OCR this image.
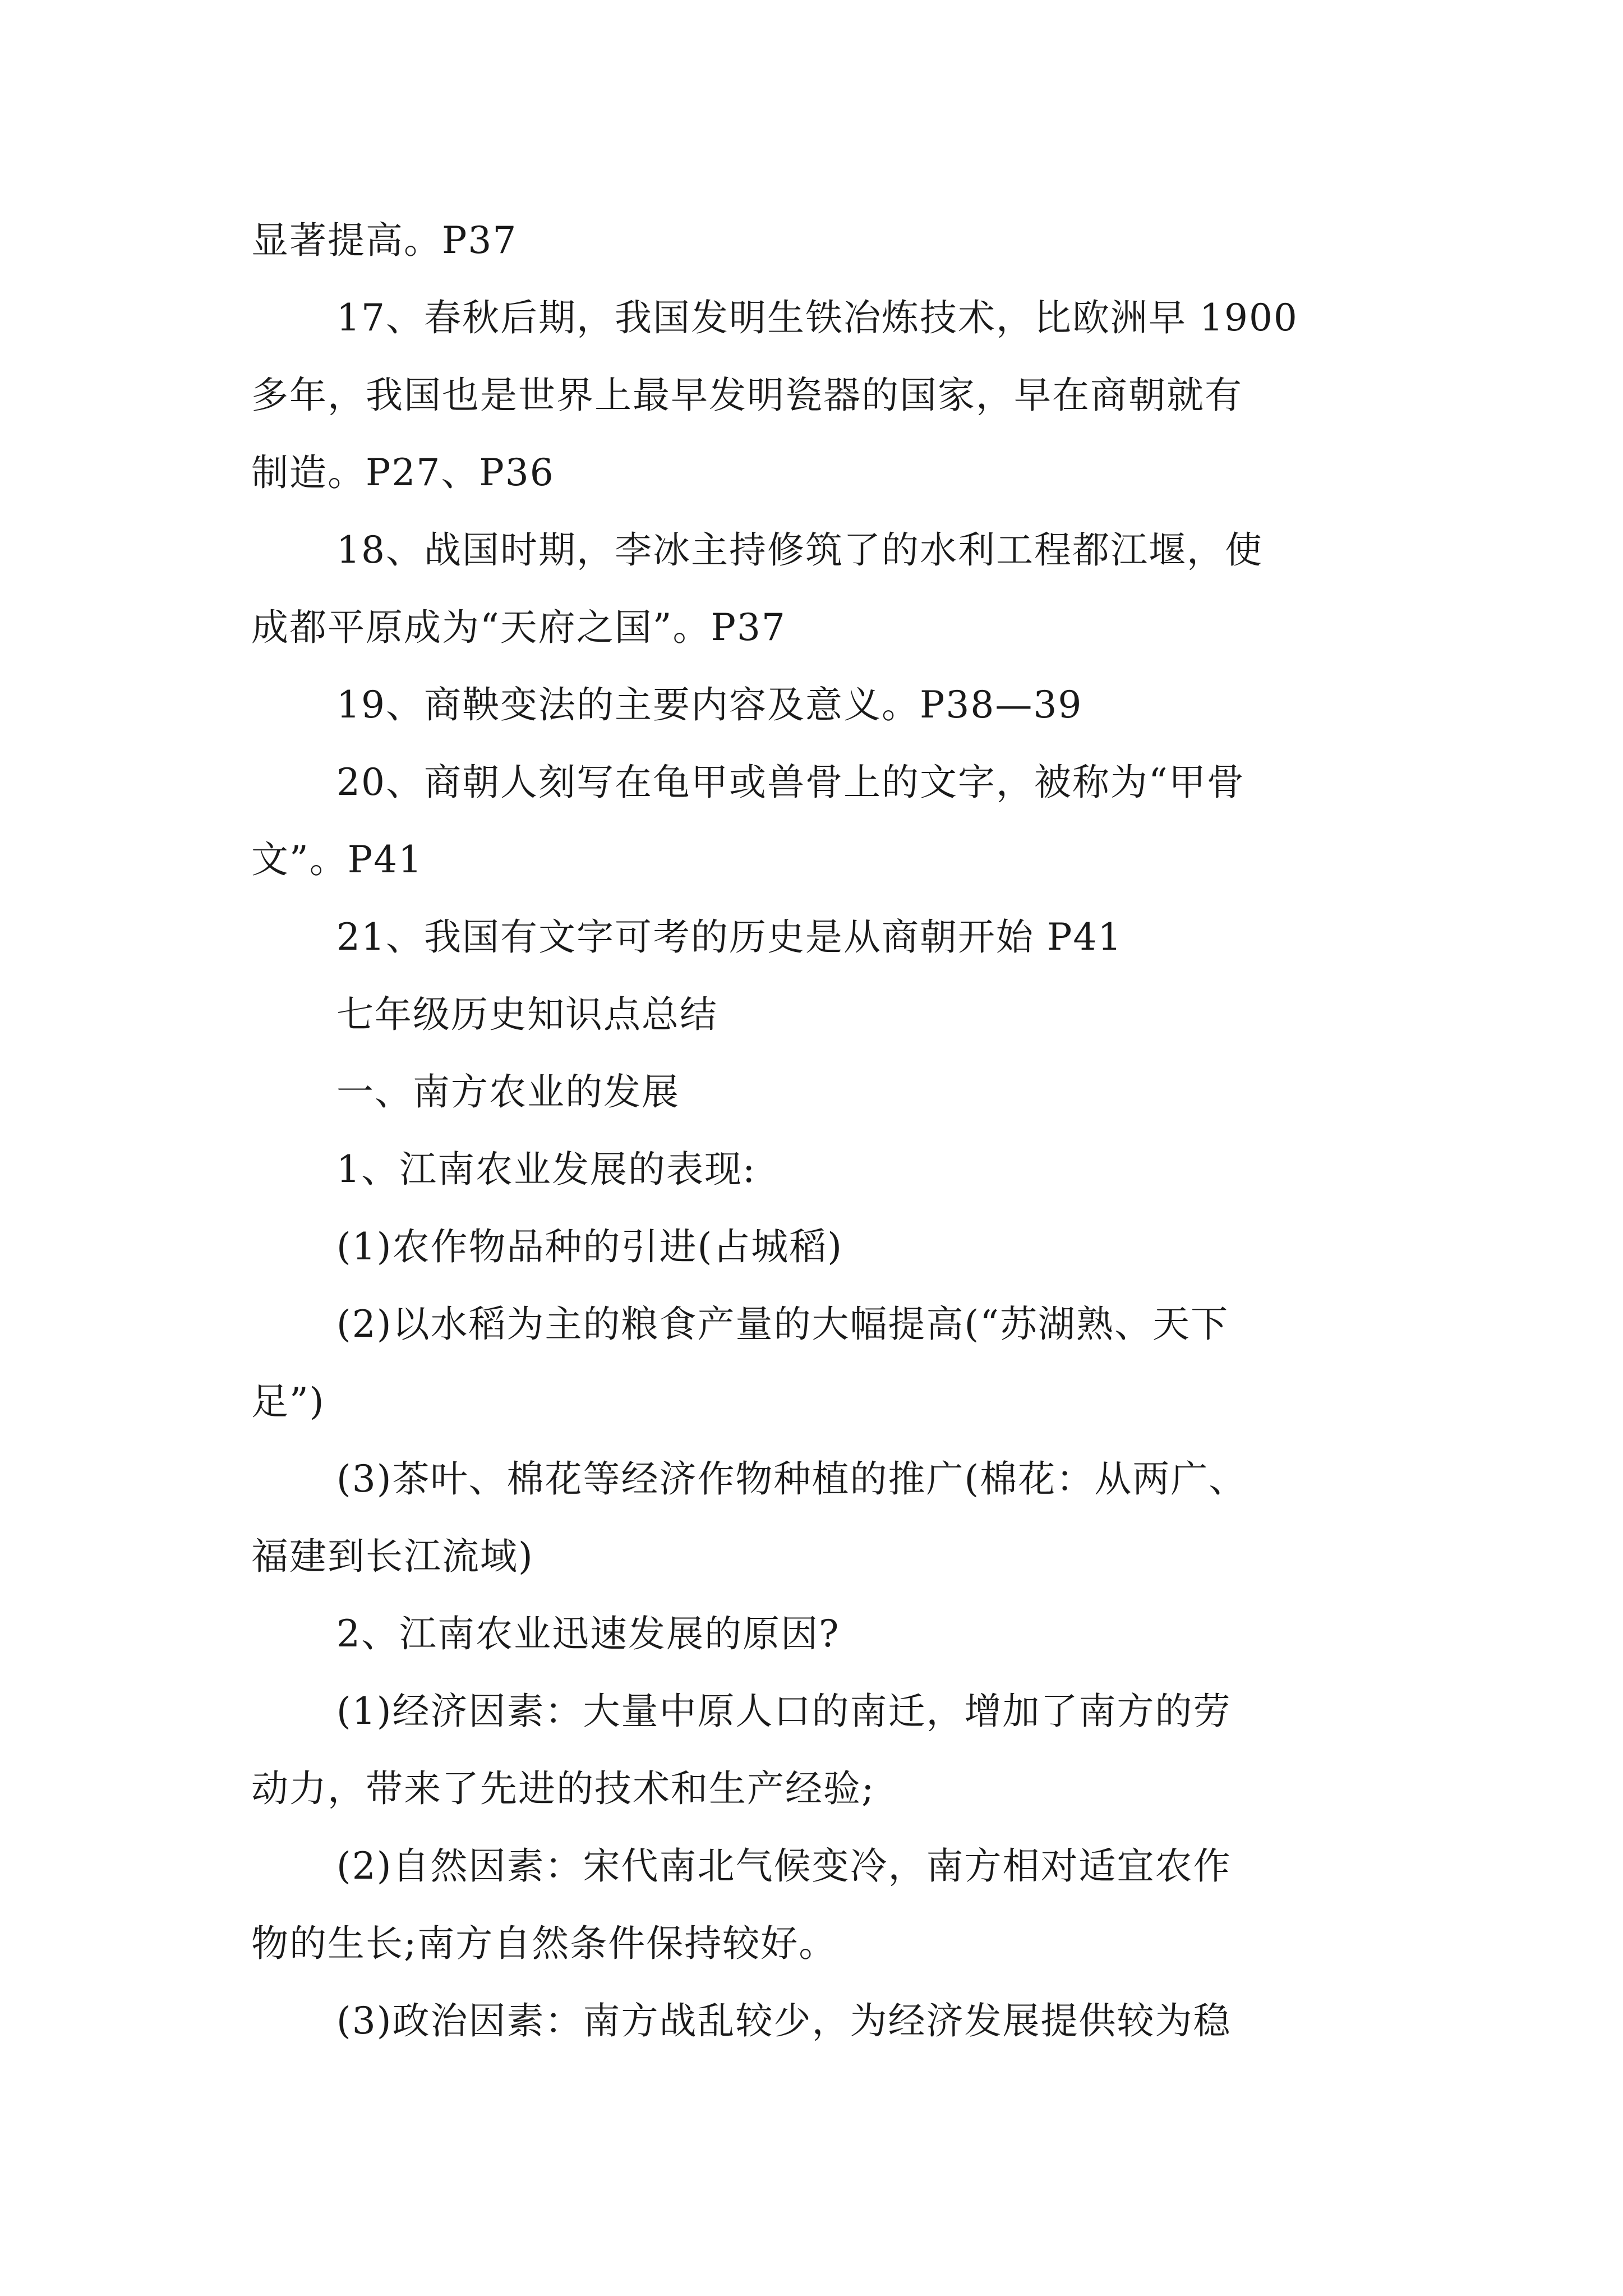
显著提高。P37
17、春秋后期，我国发明生铁冶炼技术，比欧洲早 1900
多年，我国也是世界上最早发明瓷器的国家，早在商朝就有
制造。P27、P36
18、战国时期，李冰主持修筑了的水利工程都江堰，使
成都平原成为“天府之国”。P37
19、商鞅变法的主要内容及意义。P38—39
20、商朝人刻写在龟甲或兽骨上的文字，被称为“甲骨
文”。P41
21、我国有文字可考的历史是从商朝开始 P41
七年级历史知识点总结
一、南方农业的发展
1、江南农业发展的表现:
(1)农作物品种的引进(占城稻)
(2)以水稻为主的粮食产量的大幅提高(“苏湖熟、天下
足”)
(3)茶叶、棉花等经济作物种植的推广(棉花：从两广、
福建到长江流域)
2、江南农业迅速发展的原因?
(1)经济因素：大量中原人口的南迁，增加了南方的劳
动力，带来了先进的技术和生产经验;
(2)自然因素：宋代南北气候变冷，南方相对适宜农作
物的生长;南方自然条件保持较好。
(3)政治因素：南方战乱较少，为经济发展提供较为稳
